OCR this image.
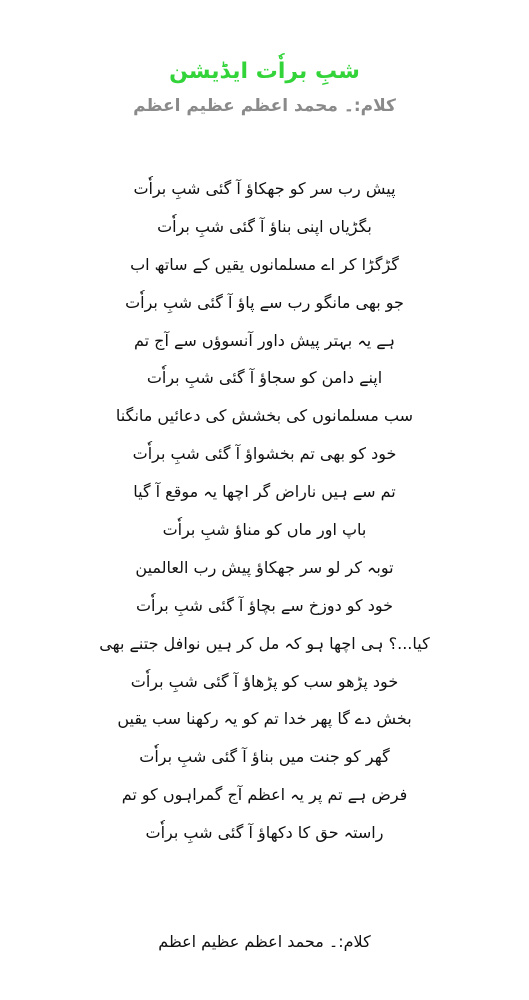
شبِ براٗت ایڈیشن
کلام:۔ محمد اعظم عظیم اعظم
پیش رب سر کو جھکاؤ آ گئی شبِ براٗت
بگڑیاں اپنی بناؤ آ گئی شبِ براٗت
گڑگڑا کر اے مسلمانوں یقیں کے ساتھ اب
جو بھی مانگو رب سے پاؤ آ گئی شبِ براٗت
ہے یہ بہتر پیش داور آنسوؤں سے آج تم
اپنے دامن کو سجاؤ آ گئی شبِ براٗت
سب مسلمانوں کی بخشش کی دعائیں مانگنا
خود کو بھی تم بخشواؤ آ گئی شبِ براٗت
تم سے ہیں ناراض گر اچھا یہ موقع آ گیا
باپ اور ماں کو مناؤ شبِ براٗت
توبہ کر لو سر جھکاؤ پیش رب العالمین
خود کو دوزخ سے بچاؤ آ گئی شبِ براٗت
کیا...؟ ہی اچھا ہو کہ مل کر ہیں نوافل جتنے بھی
خود پڑھو سب کو پڑھاؤ آ گئی شبِ براٗت
بخش دے گا پھر خدا تم کو یہ رکھنا سب یقیں
گھر کو جنت میں بناؤ آ گئی شبِ براٗت
فرض ہے تم پر یہ اعظم آج گمراہوں کو تم
راستہ حق کا دکھاؤ آ گئی شبِ براٗت
کلام:۔ محمد اعظم عظیم اعظم
